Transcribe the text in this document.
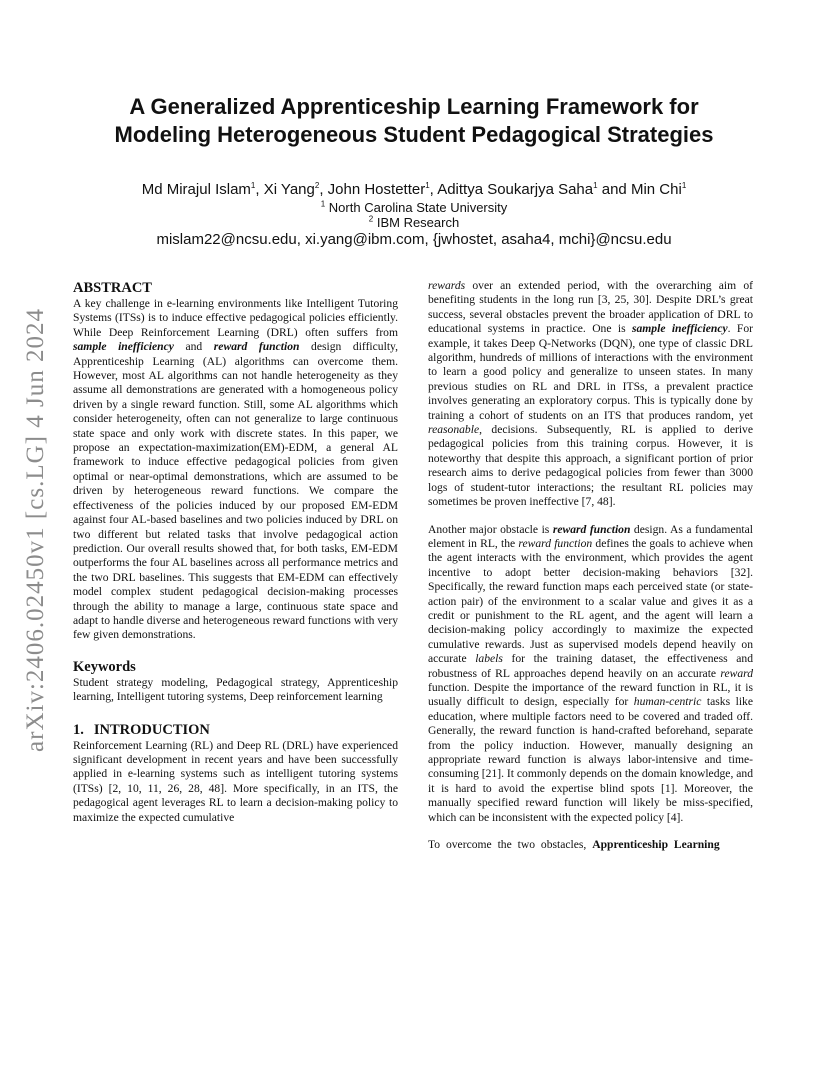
arXiv:2406.02450v1 [cs.LG] 4 Jun 2024
A Generalized Apprenticeship Learning Framework for
Modeling Heterogeneous Student Pedagogical Strategies
Md Mirajul Islam$^1$, Xi Yang$^2$, John Hostetter$^1$, Adittya Soukarjya Saha$^1$ and Min Chi$^1$
$^1$ North Carolina State University
$^2$ IBM Research
mislam22@ncsu.edu, xi.yang@ibm.com, {jwhostet, asaha4, mchi}@ncsu.edu
ABSTRACT

A key challenge in e-learning environments like Intelligent Tutoring Systems (ITSs) is to induce effective pedagogical policies efficiently. While Deep Reinforcement Learning (DRL) often suffers from sample inefficiency and reward function design difficulty, Apprenticeship Learning (AL) algorithms can overcome them. However, most AL algorithms can not handle heterogeneity as they assume all demonstrations are generated with a homogeneous policy driven by a single reward function. Still, some AL algorithms which consider heterogeneity, often can not generalize to large continuous state space and only work with discrete states. In this paper, we propose an expectation-maximization(EM)-EDM, a general AL framework to induce effective pedagogical policies from given optimal or near-optimal demonstrations, which are assumed to be driven by heterogeneous reward functions. We compare the effectiveness of the policies induced by our proposed EM-EDM against four AL-based baselines and two policies induced by DRL on two different but related tasks that involve pedagogical action prediction. Our overall results showed that, for both tasks, EM-EDM outperforms the four AL baselines across all performance metrics and the two DRL baselines. This suggests that EM-EDM can effectively model complex student pedagogical decision-making processes through the ability to manage a large, continuous state space and adapt to handle diverse and heterogeneous reward functions with very few given demonstrations.

Keywords

Student strategy modeling, Pedagogical strategy, Apprenticeship learning, Intelligent tutoring systems, Deep reinforcement learning

1. INTRODUCTION

Reinforcement Learning (RL) and Deep RL (DRL) have experienced significant development in recent years and have been successfully applied in e-learning systems such as intelligent tutoring systems (ITSs) [2, 10, 11, 26, 28, 48]. More specifically, in an ITS, the pedagogical agent leverages RL to learn a decision-making policy to maximize the expected cumulative

rewards over an extended period, with the overarching aim of benefiting students in the long run [3, 25, 30]. Despite DRL’s great success, several obstacles prevent the broader application of DRL to educational systems in practice. One is sample inefficiency. For example, it takes Deep Q-Networks (DQN), one type of classic DRL algorithm, hundreds of millions of interactions with the environment to learn a good policy and generalize to unseen states. In many previous studies on RL and DRL in ITSs, a prevalent practice involves generating an exploratory corpus. This is typically done by training a cohort of students on an ITS that produces random, yet reasonable, decisions. Subsequently, RL is applied to derive pedagogical policies from this training corpus. However, it is noteworthy that despite this approach, a significant portion of prior research aims to derive pedagogical policies from fewer than 3000 logs of student-tutor interactions; the resultant RL policies may sometimes be proven ineffective [7, 48].

Another major obstacle is reward function design. As a fundamental element in RL, the reward function defines the goals to achieve when the agent interacts with the environment, which provides the agent incentive to adopt better decision-making behaviors [32]. Specifically, the reward function maps each perceived state (or state-action pair) of the environment to a scalar value and gives it as a credit or punishment to the RL agent, and the agent will learn a decision-making policy accordingly to maximize the expected cumulative rewards. Just as supervised models depend heavily on accurate labels for the training dataset, the effectiveness and robustness of RL approaches depend heavily on an accurate reward function. Despite the importance of the reward function in RL, it is usually difficult to design, especially for human-centric tasks like education, where multiple factors need to be covered and traded off. Generally, the reward function is hand-crafted beforehand, separate from the policy induction. However, manually designing an appropriate reward function is always labor-intensive and time-consuming [21]. It commonly depends on the domain knowledge, and it is hard to avoid the expertise blind spots [1]. Moreover, the manually specified reward function will likely be miss-specified, which can be inconsistent with the expected policy [4].

To overcome the two obstacles, Apprenticeship Learning
